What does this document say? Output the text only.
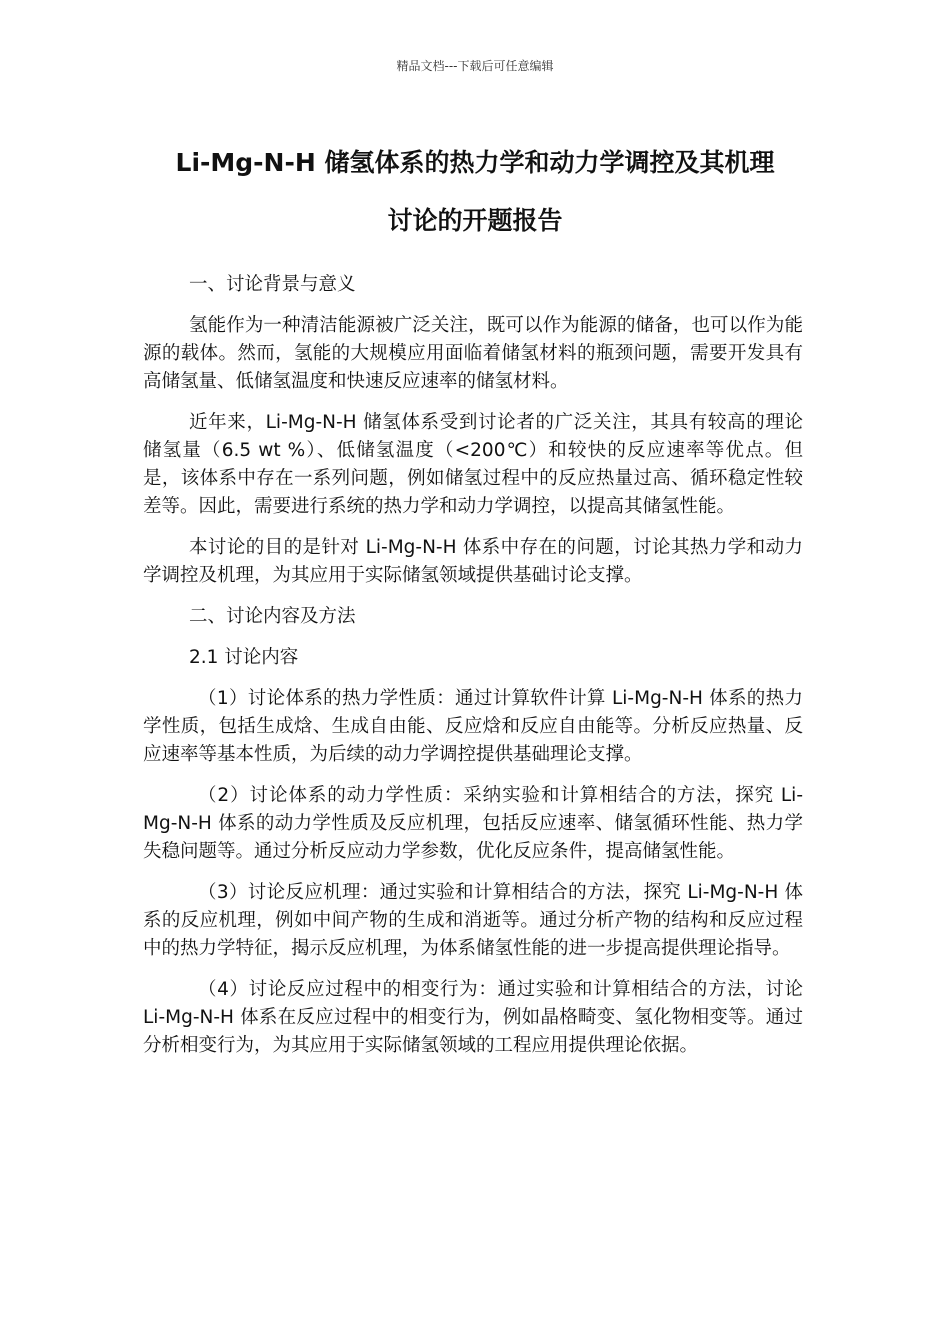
精品文档---下载后可任意编辑
Li-Mg-N-H 储氢体系的热力学和动力学调控及其机理
讨论的开题报告
一、讨论背景与意义
氢能作为一种清洁能源被广泛关注，既可以作为能源的储备，也可以作为能源的载体。然而，氢能的大规模应用面临着储氢材料的瓶颈问题，需要开发具有高储氢量、低储氢温度和快速反应速率的储氢材料。
近年来，Li-Mg-N-H 储氢体系受到讨论者的广泛关注，其具有较高的理论储氢量（6.5 wt %）、低储氢温度（<200℃）和较快的反应速率等优点。但是，该体系中存在一系列问题，例如储氢过程中的反应热量过高、循环稳定性较差等。因此，需要进行系统的热力学和动力学调控，以提高其储氢性能。
本讨论的目的是针对 Li-Mg-N-H 体系中存在的问题，讨论其热力学和动力学调控及机理，为其应用于实际储氢领域提供基础讨论支撑。
二、讨论内容及方法
2.1 讨论内容
（1）讨论体系的热力学性质：通过计算软件计算 Li-Mg-N-H 体系的热力学性质，包括生成焓、生成自由能、反应焓和反应自由能等。分析反应热量、反应速率等基本性质，为后续的动力学调控提供基础理论支撑。
（2）讨论体系的动力学性质：采纳实验和计算相结合的方法，探究 Li-Mg-N-H 体系的动力学性质及反应机理，包括反应速率、储氢循环性能、热力学失稳问题等。通过分析反应动力学参数，优化反应条件，提高储氢性能。
（3）讨论反应机理：通过实验和计算相结合的方法，探究 Li-Mg-N-H 体系的反应机理，例如中间产物的生成和消逝等。通过分析产物的结构和反应过程中的热力学特征，揭示反应机理，为体系储氢性能的进一步提高提供理论指导。
（4）讨论反应过程中的相变行为：通过实验和计算相结合的方法，讨论 Li-Mg-N-H 体系在反应过程中的相变行为，例如晶格畸变、氢化物相变等。通过分析相变行为，为其应用于实际储氢领域的工程应用提供理论依据。
